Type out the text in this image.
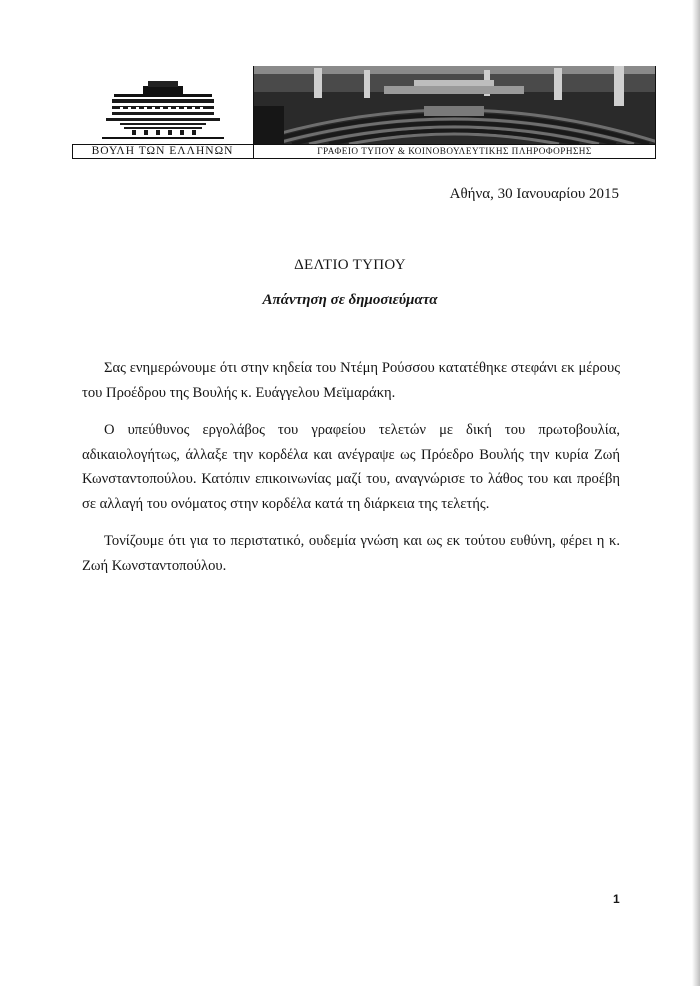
ΒΟΥΛΗ ΤΩΝ ΕΛΛΗΝΩΝ	ΓΡΑΦΕΙΟ ΤΥΠΟΥ & ΚΟΙΝΟΒΟΥΛΕΥΤΙΚΗΣ ΠΛΗΡΟΦΟΡΗΣΗΣ
Αθήνα, 30 Ιανουαρίου 2015
ΔΕΛΤΙΟ ΤΥΠΟΥ
Απάντηση σε δημοσιεύματα

Σας ενημερώνουμε ότι στην κηδεία του Ντέμη Ρούσσου κατατέθηκε στεφάνι εκ μέρους του Προέδρου της Βουλής κ. Ευάγγελου Μεϊμαράκη.

Ο υπεύθυνος εργολάβος του γραφείου τελετών με δική του πρωτοβουλία, αδικαιολογήτως, άλλαξε την κορδέλα και ανέγραψε ως Πρόεδρο Βουλής την κυρία Ζωή Κωνσταντοπούλου. Κατόπιν επικοινωνίας μαζί του, αναγνώρισε το λάθος του και προέβη σε αλλαγή του ονόματος στην κορδέλα κατά τη διάρκεια της τελετής.

Τονίζουμε ότι για το περιστατικό, ουδεμία γνώση και ως εκ τούτου ευθύνη, φέρει η κ. Ζωή Κωνσταντοπούλου.

1
